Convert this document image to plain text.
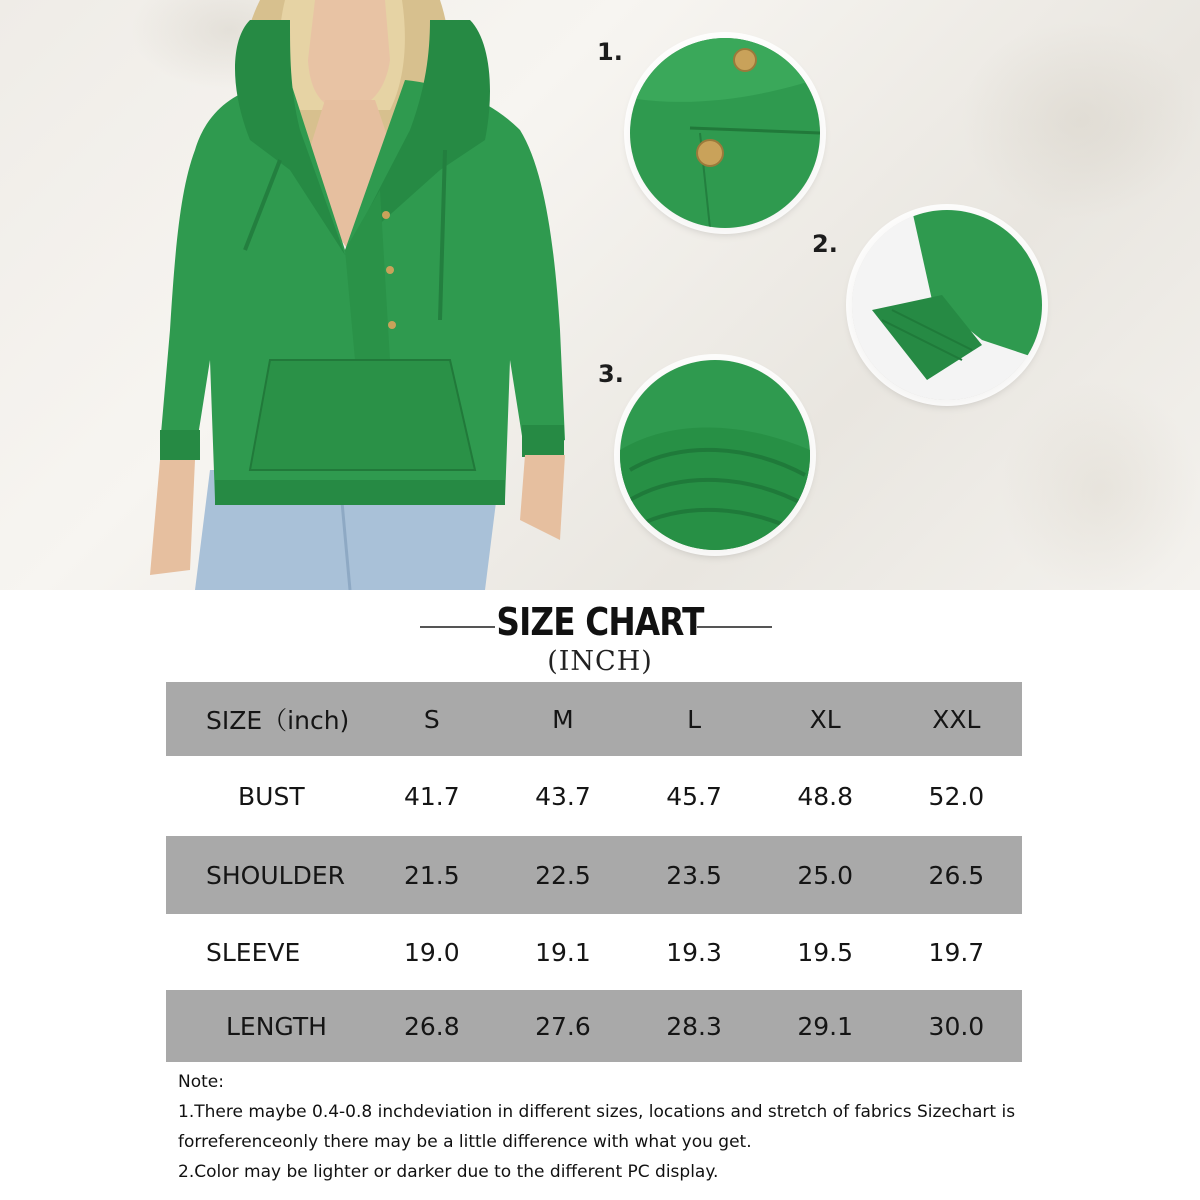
1.
2.
3.
SIZE CHART
(INCH)
SIZE（inch)	S	M	L	XL	XXL
BUST	41.7	43.7	45.7	48.8	52.0
SHOULDER	21.5	22.5	23.5	25.0	26.5
SLEEVE	19.0	19.1	19.3	19.5	19.7
LENGTH	26.8	27.6	28.3	29.1	30.0
Note:
1.There maybe 0.4-0.8 inchdeviation in different sizes, locations and stretch of fabrics Sizechart is
forreferenceonly there may be a little difference with what you get.
2.Color may be lighter or darker due to the different PC display.
